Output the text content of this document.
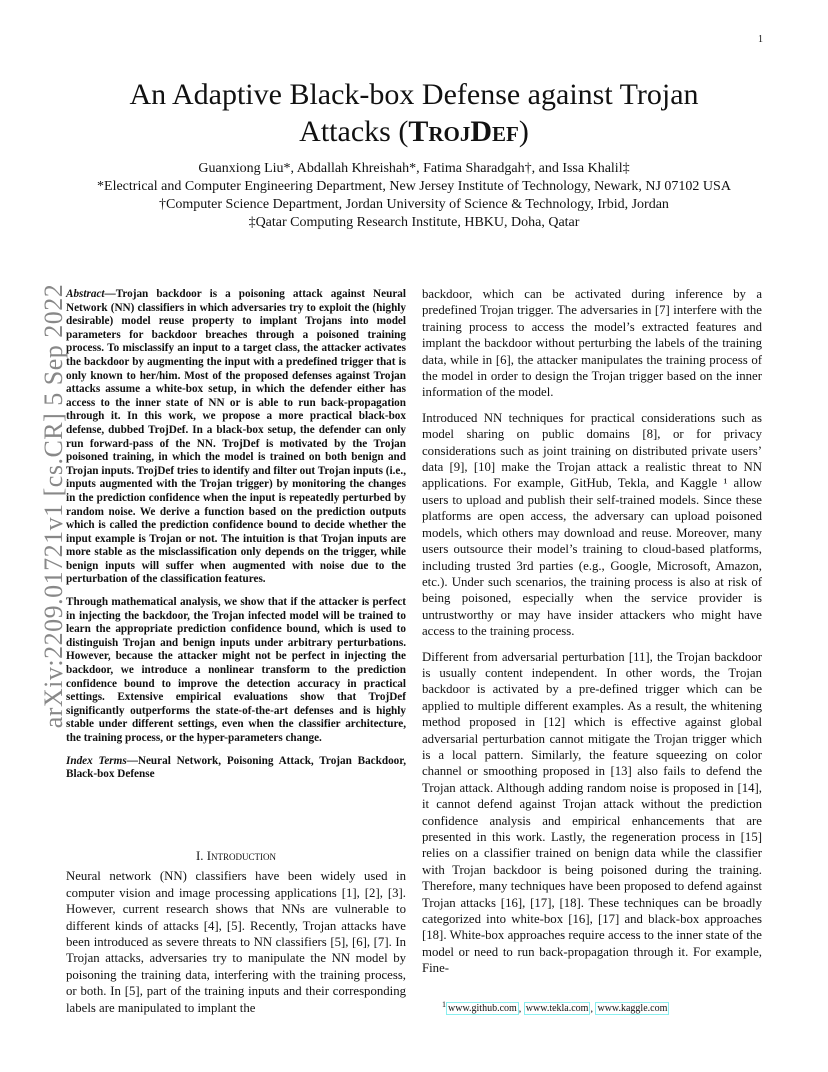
1
arXiv:2209.01721v1 [cs.CR] 5 Sep 2022
An Adaptive Black-box Defense against Trojan
Attacks (TrojDef)
Guanxiong Liu*, Abdallah Khreishah*, Fatima Sharadgah†, and Issa Khalil‡
*Electrical and Computer Engineering Department, New Jersey Institute of Technology, Newark, NJ 07102 USA
†Computer Science Department, Jordan University of Science & Technology, Irbid, Jordan
‡Qatar Computing Research Institute, HBKU, Doha, Qatar

Abstract—Trojan backdoor is a poisoning attack against Neural Network (NN) classifiers in which adversaries try to exploit the (highly desirable) model reuse property to implant Trojans into model parameters for backdoor breaches through a poisoned training process. To misclassify an input to a target class, the attacker activates the backdoor by augmenting the input with a predefined trigger that is only known to her/him. Most of the proposed defenses against Trojan attacks assume a white-box setup, in which the defender either has access to the inner state of NN or is able to run back-propagation through it. In this work, we propose a more practical black-box defense, dubbed TrojDef. In a black-box setup, the defender can only run forward-pass of the NN. TrojDef is motivated by the Trojan poisoned training, in which the model is trained on both benign and Trojan inputs. TrojDef tries to identify and filter out Trojan inputs (i.e., inputs augmented with the Trojan trigger) by monitoring the changes in the prediction confidence when the input is repeatedly perturbed by random noise. We derive a function based on the prediction outputs which is called the prediction confidence bound to decide whether the input example is Trojan or not. The intuition is that Trojan inputs are more stable as the misclassification only depends on the trigger, while benign inputs will suffer when augmented with noise due to the perturbation of the classification features.

Through mathematical analysis, we show that if the attacker is perfect in injecting the backdoor, the Trojan infected model will be trained to learn the appropriate prediction confidence bound, which is used to distinguish Trojan and benign inputs under arbitrary perturbations. However, because the attacker might not be perfect in injecting the backdoor, we introduce a nonlinear transform to the prediction confidence bound to improve the detection accuracy in practical settings. Extensive empirical evaluations show that TrojDef significantly outperforms the state-of-the-art defenses and is highly stable under different settings, even when the classifier architecture, the training process, or the hyper-parameters change.

Index Terms—Neural Network, Poisoning Attack, Trojan Backdoor, Black-box Defense

I. Introduction

Neural network (NN) classifiers have been widely used in computer vision and image processing applications [1], [2], [3]. However, current research shows that NNs are vulnerable to different kinds of attacks [4], [5]. Recently, Trojan attacks have been introduced as severe threats to NN classifiers [5], [6], [7]. In Trojan attacks, adversaries try to manipulate the NN model by poisoning the training data, interfering with the training process, or both. In [5], part of the training inputs and their corresponding labels are manipulated to implant the

backdoor, which can be activated during inference by a predefined Trojan trigger. The adversaries in [7] interfere with the training process to access the model’s extracted features and implant the backdoor without perturbing the labels of the training data, while in [6], the attacker manipulates the training process of the model in order to design the Trojan trigger based on the inner information of the model.

Introduced NN techniques for practical considerations such as model sharing on public domains [8], or for privacy considerations such as joint training on distributed private users’ data [9], [10] make the Trojan attack a realistic threat to NN applications. For example, GitHub, Tekla, and Kaggle ¹ allow users to upload and publish their self-trained models. Since these platforms are open access, the adversary can upload poisoned models, which others may download and reuse. Moreover, many users outsource their model’s training to cloud-based platforms, including trusted 3rd parties (e.g., Google, Microsoft, Amazon, etc.). Under such scenarios, the training process is also at risk of being poisoned, especially when the service provider is untrustworthy or may have insider attackers who might have access to the training process.

Different from adversarial perturbation [11], the Trojan backdoor is usually content independent. In other words, the Trojan backdoor is activated by a pre-defined trigger which can be applied to multiple different examples. As a result, the whitening method proposed in [12] which is effective against global adversarial perturbation cannot mitigate the Trojan trigger which is a local pattern. Similarly, the feature squeezing on color channel or smoothing proposed in [13] also fails to defend the Trojan attack. Although adding random noise is proposed in [14], it cannot defend against Trojan attack without the prediction confidence analysis and empirical enhancements that are presented in this work. Lastly, the regeneration process in [15] relies on a classifier trained on benign data while the classifier with Trojan backdoor is being poisoned during the training. Therefore, many techniques have been proposed to defend against Trojan attacks [16], [17], [18]. These techniques can be broadly categorized into white-box [16], [17] and black-box approaches [18]. White-box approaches require access to the inner state of the model or need to run back-propagation through it. For example, Fine-

$^1$ www.github.com , www.tekla.com , www.kaggle.com
